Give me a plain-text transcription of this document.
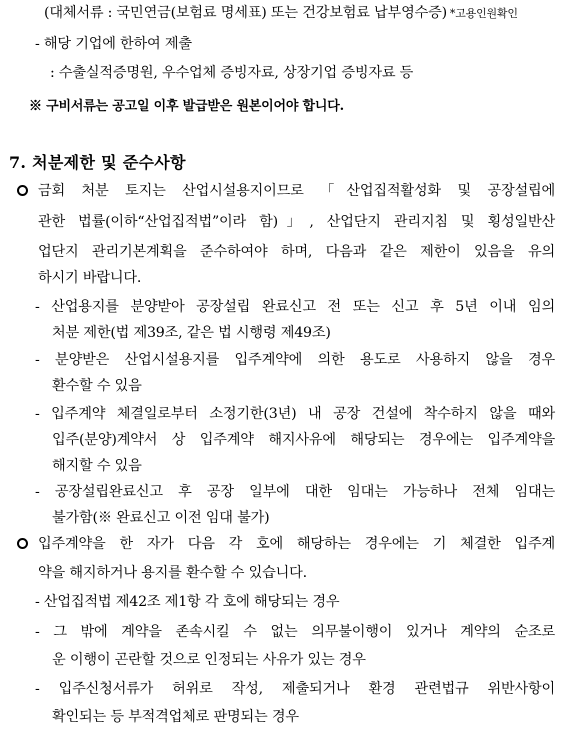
(대체서류 : 국민연금(보험료 명세표) 또는 건강보험료 납부영수증) *고용인원확인
- 해당 기업에 한하여 제출
: 수출실적증명원, 우수업체 증빙자료, 상장기업 증빙자료 등
※ 구비서류는 공고일 이후 발급받은 원본이어야 합니다.
7. 처분제한 및 준수사항
금회 처분 토지는 산업시설용지이므로 「산업집적활성화 및 공장설립에
관한 법률(이하“산업집적법”이라 함)」, 산업단지 관리지침 및 횡성일반산
업단지 관리기본계획을 준수하여야 하며, 다음과 같은 제한이 있음을 유의
하시기 바랍니다.
- 산업용지를 분양받아 공장설립 완료신고 전 또는 신고 후 5년 이내 임의
처분 제한(법 제39조, 같은 법 시행령 제49조)
- 분양받은 산업시설용지를 입주계약에 의한 용도로 사용하지 않을 경우
환수할 수 있음
- 입주계약 체결일로부터 소정기한(3년) 내 공장 건설에 착수하지 않을 때와
입주(분양)계약서 상 입주계약 해지사유에 해당되는 경우에는 입주계약을
해지할 수 있음
- 공장설립완료신고 후 공장 일부에 대한 임대는 가능하나 전체 임대는
불가함(※ 완료신고 이전 임대 불가)
입주계약을 한 자가 다음 각 호에 해당하는 경우에는 기 체결한 입주계
약을 해지하거나 용지를 환수할 수 있습니다.
- 산업집적법 제42조 제1항 각 호에 해당되는 경우
- 그 밖에 계약을 존속시킬 수 없는 의무불이행이 있거나 계약의 순조로
운 이행이 곤란할 것으로 인정되는 사유가 있는 경우
- 입주신청서류가 허위로 작성, 제출되거나 환경 관련법규 위반사항이
확인되는 등 부적격업체로 판명되는 경우
